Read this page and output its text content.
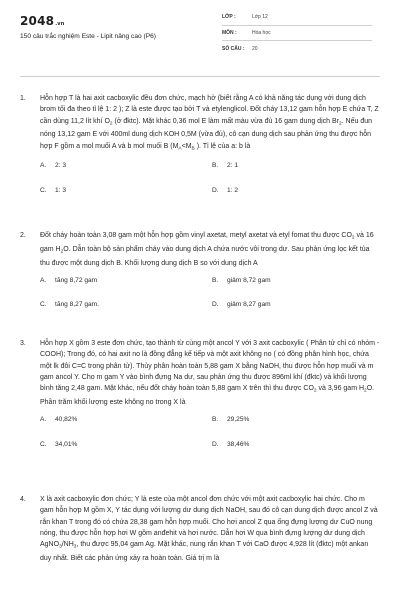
2048.vn
150 câu trắc nghiệm Este - Lipit nâng cao (P6)
LỚP :	Lớp 12
MÔN :	Hóa học
SỐ CÂU :	20
1. Hỗn hợp T là hai axit cacboxylic đều đơn chức, mạch hở (biết rằng A có khả năng tác dụng với dung dịch brom tối đa theo tỉ lệ 1: 2 ); Z là este được tạo bởi T và etylenglicol. Đốt cháy 13,12 gam hỗn hợp E chứa T, Z cần dùng 11,2 lít khí $O_2$ (ở đktc). Mặt khác 0,36 mol E làm mất màu vừa đủ 16 gam dung dịch $Br_2$. Nếu đun nóng 13,12 gam E với 400ml dung dịch KOH 0,5M (vừa đủ), cô cạn dung dịch sau phản ứng thu được hỗn hợp F gồm a mol muối A và b mol muối B ($M_A<M_B$ ). Tỉ lệ của a: b là
A. 2: 3	B. 2: 1
C. 1: 3	D. 1: 2
2. Đốt cháy hoàn toàn 3,08 gam một hỗn hợp gồm vinyl axetat, metyl axetat và etyl fomat thu được $CO_2$ và 16 gam $H_2O$. Dẫn toàn bộ sản phẩm cháy vào dung dịch A chứa nước vôi trong dư. Sau phản ứng lọc kết tủa thu được một dung dịch B. Khối lượng dung dịch B so với dung dịch A
A. tăng 8,72 gam	B. giảm 8,72 gam
C. tăng 8,27 gam.	D. giảm 8,27 gam
3. Hỗn hợp X gồm 3 este đơn chức, tạo thành từ cùng một ancol Y với 3 axit cacboxylic ( Phân tử chỉ có nhóm -COOH); Trong đó, có hai axit no là đồng đẳng kế tiếp và một axit không no ( có đồng phân hình học, chứa một lk đôi C=C trong phân tử). Thủy phân hoàn toàn 5,88 gam X bằng NaOH, thu được hỗn hợp muối và m gam ancol Y. Cho m gam Y vào bình đựng Na dư, sau phản ứng thu được 896ml khí (đktc) và khối lượng bình tăng 2,48 gam. Mặt khác, nếu đốt cháy hoàn toàn 5,88 gam X trên thì thu được $CO_2$ và 3,96 gam $H_2O$. Phần trăm khối lượng este không no trong X là
A. 40,82%	B. 29,25%
C. 34,01%	D. 38,46%
4. X là axit cacboxylic đơn chức; Y là este của một ancol đơn chức với một axit cacboxylic hai chức. Cho m gam hỗn hợp M gồm X, Y tác dụng với lượng dư dung dịch NaOH, sau đó cô cạn dung dịch được ancol Z và rắn khan T trong đó có chứa 28,38 gam hỗn hợp muối. Cho hơi ancol Z qua ống đựng lượng dư CuO nung nóng, thu được hỗn hợp hơi W gồm anđehit và hơi nước. Dẫn hơi W qua bình đựng lượng dư dung dịch $AgNO_3/NH_3$, thu được 95,04 gam Ag. Mặt khác, nung rắn khan T với CaO được 4,928 lít (đktc) một ankan duy nhất. Biết các phản ứng xảy ra hoàn toàn. Giá trị m là
